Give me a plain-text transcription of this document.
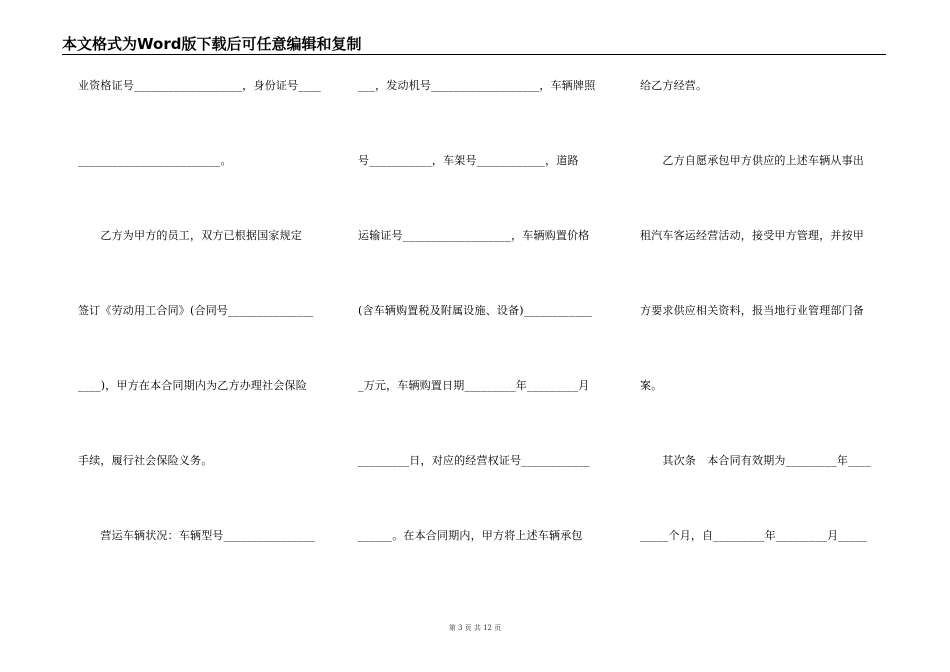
本文格式为Word版下载后可任意编辑和复制
业资格证号___________________，身份证号____
_________________________。
　　乙方为甲方的员工，双方已根据国家规定
签订《劳动用工合同》(合同号_______________
____)，甲方在本合同期内为乙方办理社会保险
手续，履行社会保险义务。
　　营运车辆状况：车辆型号________________
___，发动机号___________________，车辆牌照
号___________，车架号____________，道路
运输证号___________________，车辆购置价格
(含车辆购置税及附属设施、设备)____________
_万元，车辆购置日期_________年_________月
_________日，对应的经营权证号____________
______。在本合同期内，甲方将上述车辆承包
给乙方经营。
　　乙方自愿承包甲方供应的上述车辆从事出
租汽车客运经营活动，接受甲方管理，并按甲
方要求供应相关资料，报当地行业管理部门备
案。
　　其次条　本合同有效期为_________年____
_____个月，自_________年_________月_____
第 3 页 共 12 页
